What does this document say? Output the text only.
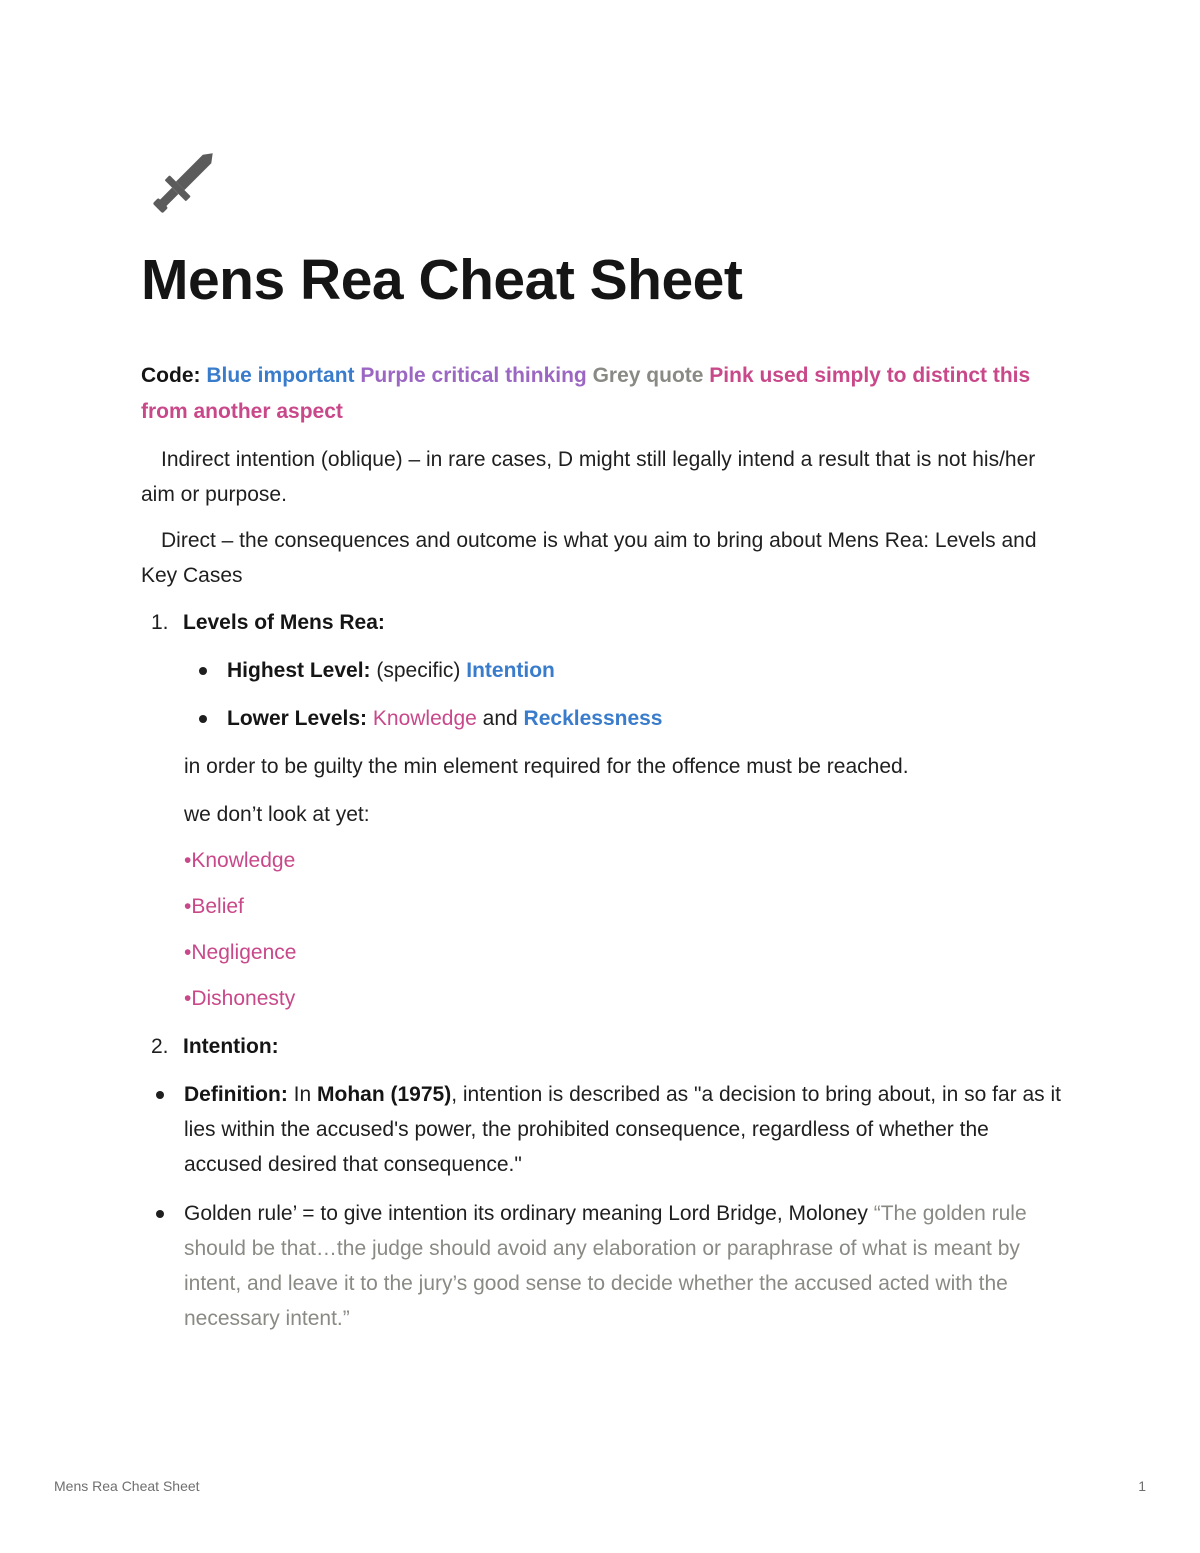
Mens Rea Cheat Sheet
Code: Blue important Purple critical thinking Grey quote Pink used simply to distinct this from another aspect

Indirect intention (oblique) – in rare cases, D might still legally intend a result that is not his/her aim or purpose.

Direct – the consequences and outcome is what you aim to bring about Mens Rea: Levels and Key Cases

1. Levels of Mens Rea:
Highest Level: (specific) Intention
Lower Levels: Knowledge and Recklessness

in order to be guilty the min element required for the offence must be reached.

we don’t look at yet:

•Knowledge
•Belief
•Negligence
•Dishonesty
2. Intention:
Definition: In Mohan (1975), intention is described as "a decision to bring about, in so far as it lies within the accused's power, the prohibited consequence, regardless of whether the accused desired that consequence."
Golden rule’ = to give intention its ordinary meaning Lord Bridge, Moloney “The golden rule should be that…the judge should avoid any elaboration or paraphrase of what is meant by intent, and leave it to the jury’s good sense to decide whether the accused acted with the necessary intent.”
Mens Rea Cheat Sheet	1
